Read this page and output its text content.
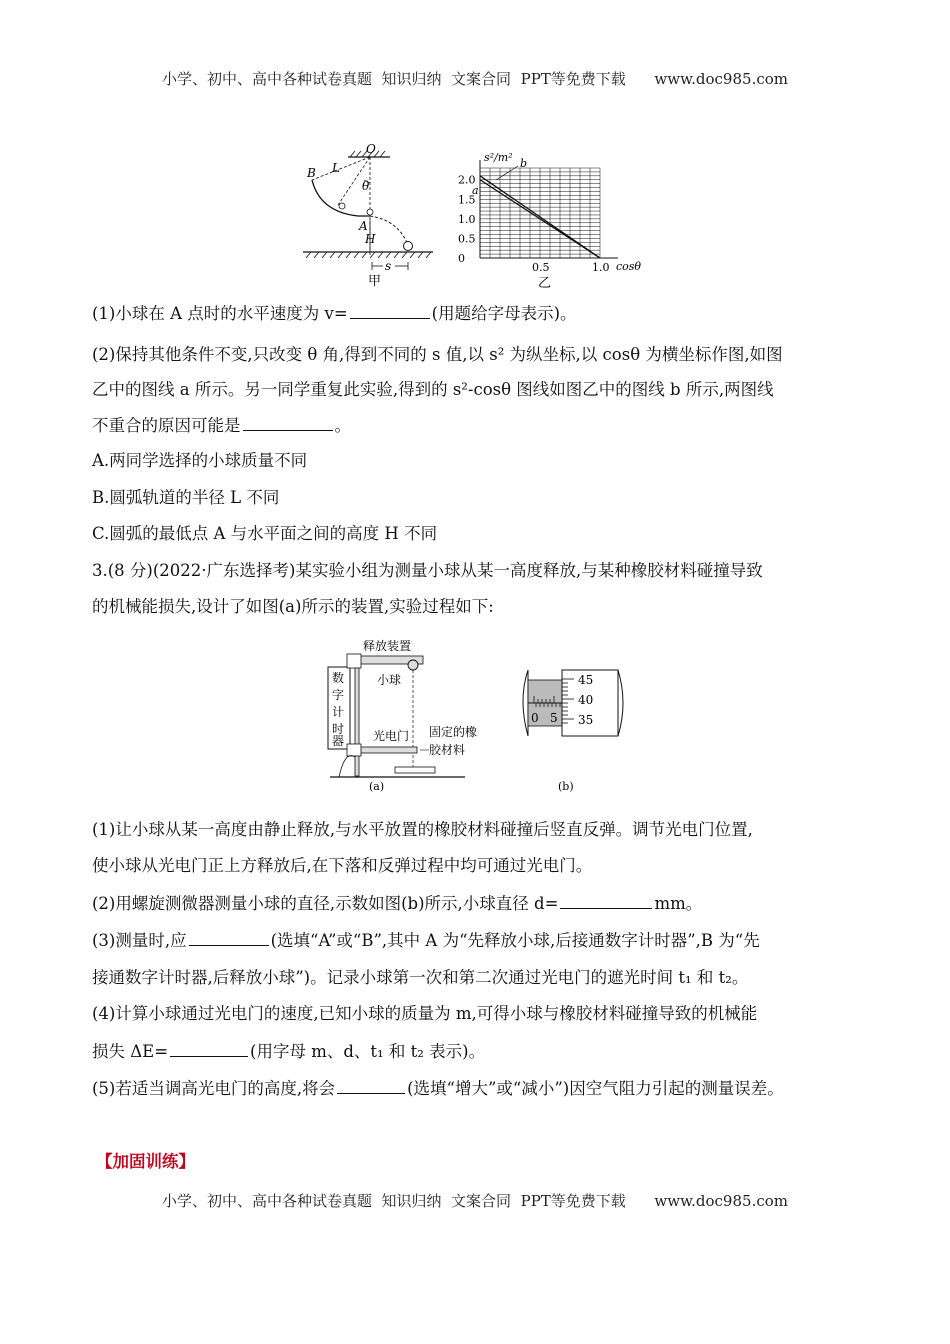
小学、初中、高中各种试卷真题  知识归纳  文案合同  PPT等免费下载      www.doc985.com
O
B L
θ
A
H
s
甲
0
0.5
1.0
1.5
2.0
0.5	1.0
s²/m²
cosθ
乙
a
b
(1)小球在 A 点时的水平速度为 v=	(用题给字母表示)。
(2)保持其他条件不变,只改变 θ 角,得到不同的 s 值,以 s² 为纵坐标,以 cosθ 为横坐标作图,如图
乙中的图线 a 所示。另一同学重复此实验,得到的 s²-cosθ 图线如图乙中的图线 b 所示,两图线
不重合的原因可能是	。
A.两同学选择的小球质量不同
B.圆弧轨道的半径 L 不同
C.圆弧的最低点 A 与水平面之间的高度 H 不同
3.(8 分)(2022·广东选择考)某实验小组为测量小球从某一高度释放,与某种橡胶材料碰撞导致
的机械能损失,设计了如图(a)所示的装置,实验过程如下:
数字计时器
释放装置
小球
光电门 固定的橡
胶材料
(a)
0 5
45
40
35
(b)
(1)让小球从某一高度由静止释放,与水平放置的橡胶材料碰撞后竖直反弹。调节光电门位置,
使小球从光电门正上方释放后,在下落和反弹过程中均可通过光电门。
(2)用螺旋测微器测量小球的直径,示数如图(b)所示,小球直径 d=	mm。
(3)测量时,应	(选填“A”或“B”,其中 A 为“先释放小球,后接通数字计时器”,B 为“先
接通数字计时器,后释放小球”)。记录小球第一次和第二次通过光电门的遮光时间 t₁ 和 t₂。
(4)计算小球通过光电门的速度,已知小球的质量为 m,可得小球与橡胶材料碰撞导致的机械能
损失 ΔE=	(用字母 m、d、t₁ 和 t₂ 表示)。
(5)若适当调高光电门的高度,将会	(选填“增大”或“减小”)因空气阻力引起的测量误差。
【加固训练】
小学、初中、高中各种试卷真题  知识归纳  文案合同  PPT等免费下载      www.doc985.com
